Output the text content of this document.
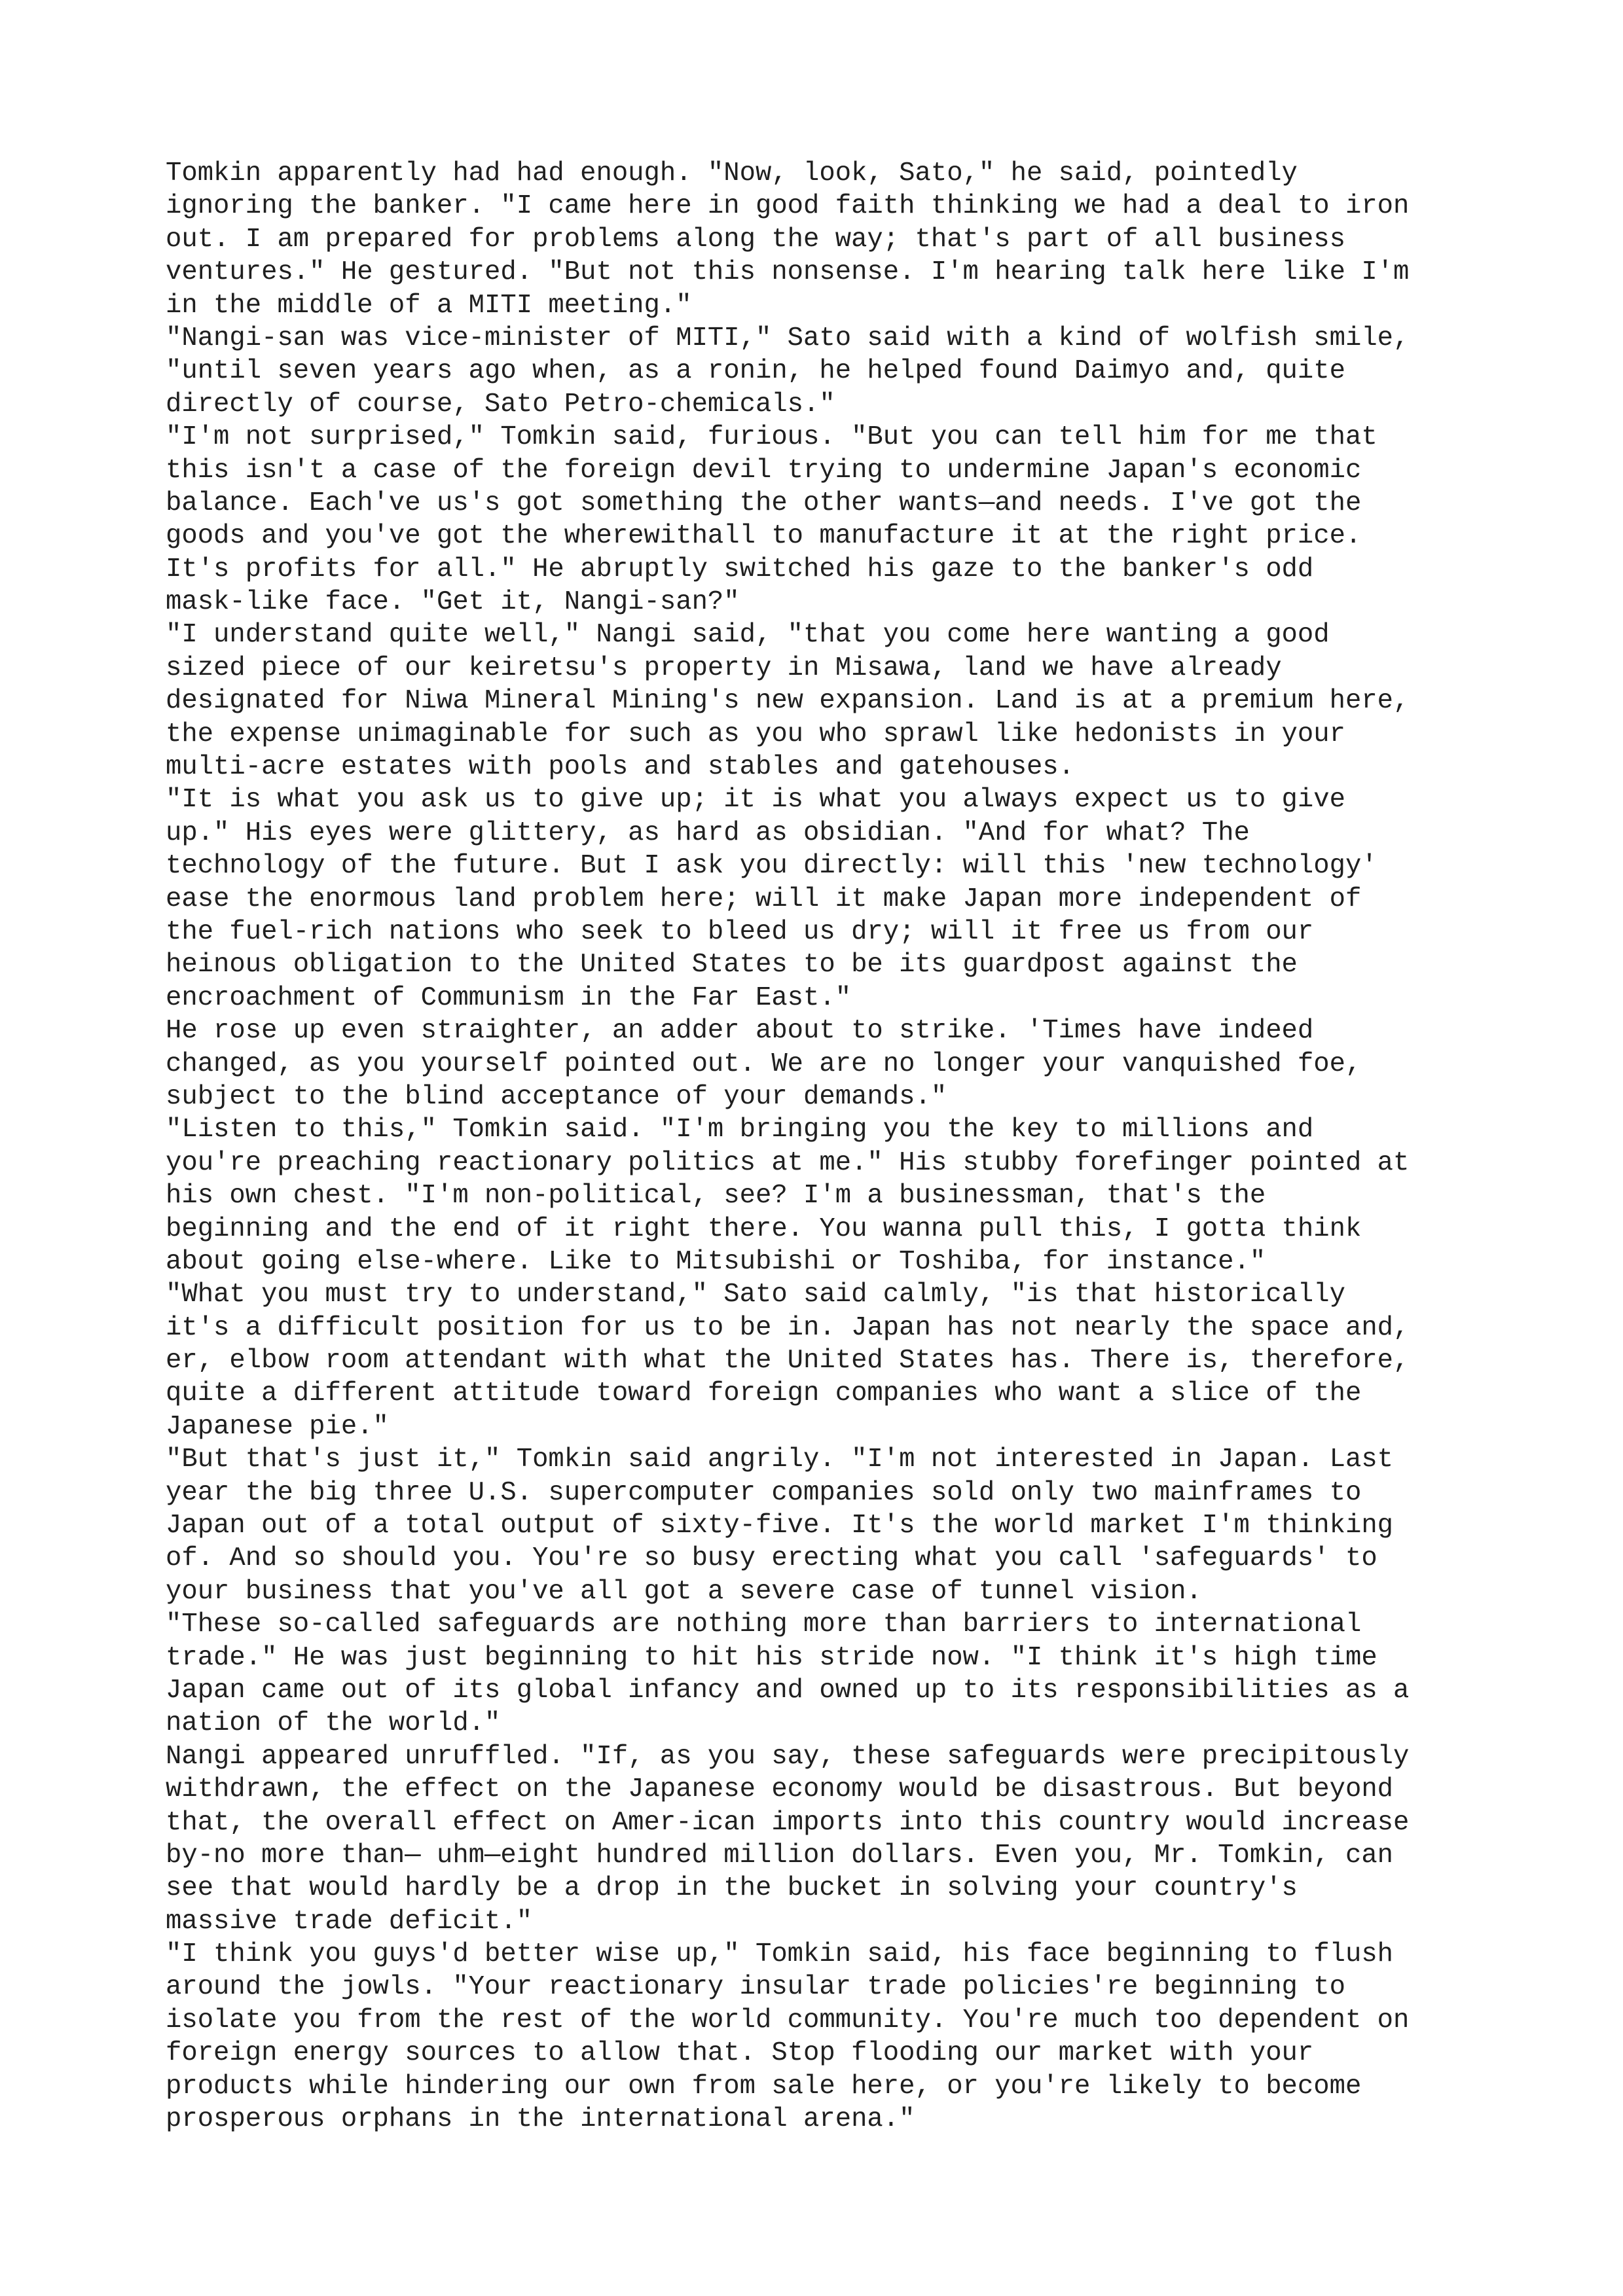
Tomkin apparently had had enough. "Now, look, Sato," he said, pointedly
ignoring the banker. "I came here in good faith thinking we had a deal to iron
out. I am prepared for problems along the way; that's part of all business
ventures." He gestured. "But not this nonsense. I'm hearing talk here like I'm
in the middle of a MITI meeting."
"Nangi-san was vice-minister of MITI," Sato said with a kind of wolfish smile,
"until seven years ago when, as a ronin, he helped found Daimyo and, quite
directly of course, Sato Petro-chemicals."
"I'm not surprised," Tomkin said, furious. "But you can tell him for me that
this isn't a case of the foreign devil trying to undermine Japan's economic
balance. Each've us's got something the other wants—and needs. I've got the
goods and you've got the wherewithall to manufacture it at the right price.
It's profits for all." He abruptly switched his gaze to the banker's odd
mask-like face. "Get it, Nangi-san?"
"I understand quite well," Nangi said, "that you come here wanting a good
sized piece of our keiretsu's property in Misawa, land we have already
designated for Niwa Mineral Mining's new expansion. Land is at a premium here,
the expense unimaginable for such as you who sprawl like hedonists in your
multi-acre estates with pools and stables and gatehouses.
"It is what you ask us to give up; it is what you always expect us to give
up." His eyes were glittery, as hard as obsidian. "And for what? The
technology of the future. But I ask you directly: will this 'new technology'
ease the enormous land problem here; will it make Japan more independent of
the fuel-rich nations who seek to bleed us dry; will it free us from our
heinous obligation to the United States to be its guardpost against the
encroachment of Communism in the Far East."
He rose up even straighter, an adder about to strike. 'Times have indeed
changed, as you yourself pointed out. We are no longer your vanquished foe,
subject to the blind acceptance of your demands."
"Listen to this," Tomkin said. "I'm bringing you the key to millions and
you're preaching reactionary politics at me." His stubby forefinger pointed at
his own chest. "I'm non-political, see? I'm a businessman, that's the
beginning and the end of it right there. You wanna pull this, I gotta think
about going else-where. Like to Mitsubishi or Toshiba, for instance."
"What you must try to understand," Sato said calmly, "is that historically
it's a difficult position for us to be in. Japan has not nearly the space and,
er, elbow room attendant with what the United States has. There is, therefore,
quite a different attitude toward foreign companies who want a slice of the
Japanese pie."
"But that's just it," Tomkin said angrily. "I'm not interested in Japan. Last
year the big three U.S. supercomputer companies sold only two mainframes to
Japan out of a total output of sixty-five. It's the world market I'm thinking
of. And so should you. You're so busy erecting what you call 'safeguards' to
your business that you've all got a severe case of tunnel vision.
"These so-called safeguards are nothing more than barriers to international
trade." He was just beginning to hit his stride now. "I think it's high time
Japan came out of its global infancy and owned up to its responsibilities as a
nation of the world."
Nangi appeared unruffled. "If, as you say, these safeguards were precipitously
withdrawn, the effect on the Japanese economy would be disastrous. But beyond
that, the overall effect on Amer-ican imports into this country would increase
by-no more than— uhm—eight hundred million dollars. Even you, Mr. Tomkin, can
see that would hardly be a drop in the bucket in solving your country's
massive trade deficit."
"I think you guys'd better wise up," Tomkin said, his face beginning to flush
around the jowls. "Your reactionary insular trade policies're beginning to
isolate you from the rest of the world community. You're much too dependent on
foreign energy sources to allow that. Stop flooding our market with your
products while hindering our own from sale here, or you're likely to become
prosperous orphans in the international arena."
